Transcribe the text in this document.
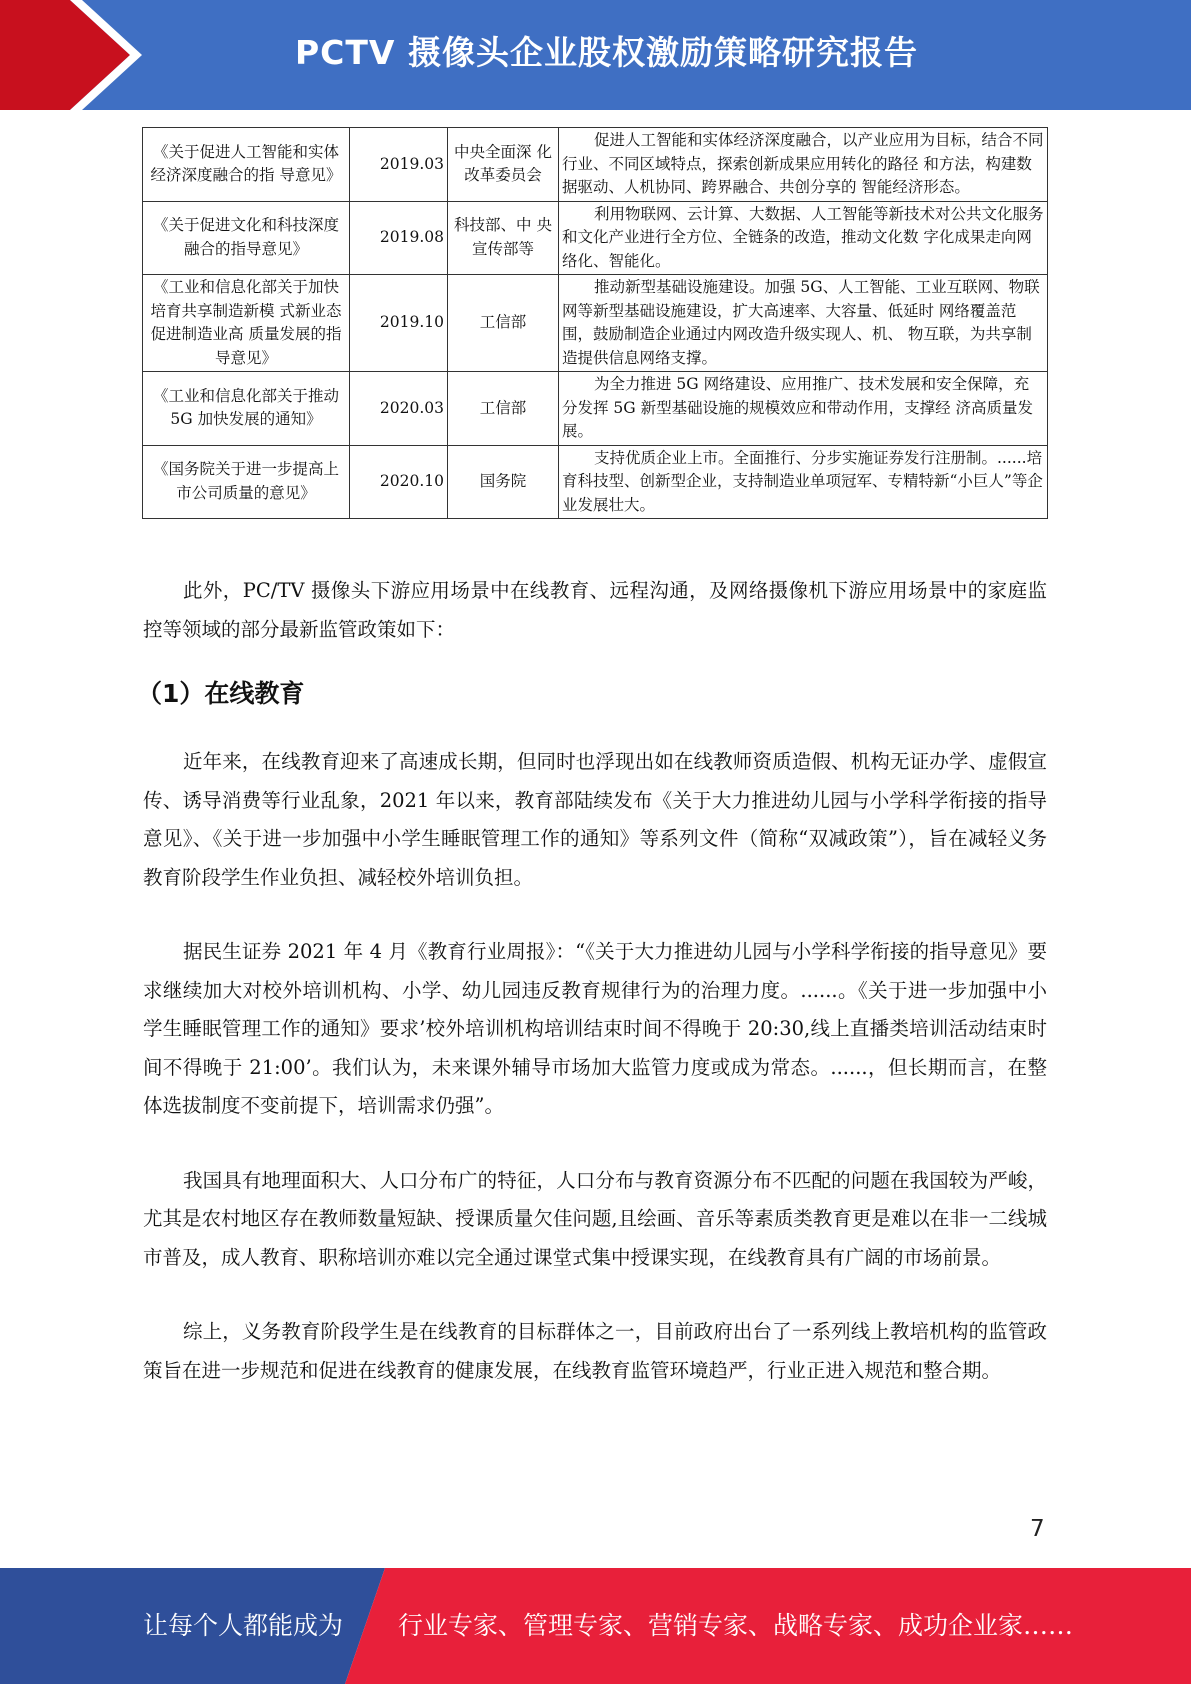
PCTV 摄像头企业股权激励策略研究报告
《关于促进人工智能和实体经济深度融合的指 导意见》	2019.03	中央全面深 化改革委员会	促进人工智能和实体经济深度融合，以产业应用为目标，结合不同行业、不同区域特点，探索创新成果应用转化的路径 和方法，构建数据驱动、人机协同、跨界融合、共创分享的 智能经济形态。
《关于促进文化和科技深度融合的指导意见》	2019.08	科技部、中 央宣传部等	利用物联网、云计算、大数据、人工智能等新技术对公共文化服务和文化产业进行全方位、全链条的改造，推动文化数 字化成果走向网络化、智能化。
《工业和信息化部关于加快培育共享制造新模 式新业态促进制造业高 质量发展的指导意见》	2019.10	工信部	推动新型基础设施建设。加强 5G、人工智能、工业互联网、物联网等新型基础设施建设，扩大高速率、大容量、低延时 网络覆盖范围，鼓励制造企业通过内网改造升级实现人、机、 物互联，为共享制造提供信息网络支撑。
《工业和信息化部关于推动 5G 加快发展的通知》	2020.03	工信部	为全力推进 5G 网络建设、应用推广、技术发展和安全保障，充分发挥 5G 新型基础设施的规模效应和带动作用，支撑经 济高质量发展。
《国务院关于进一步提高上市公司质量的意见》	2020.10	国务院	支持优质企业上市。全面推行、分步实施证券发行注册制。......培育科技型、创新型企业，支持制造业单项冠军、专精特新“小巨人”等企业发展壮大。

此外，PC/TV 摄像头下游应用场景中在线教育、远程沟通，及网络摄像机下游应用场景中的家庭监控等领域的部分最新监管政策如下：

（1）在线教育

近年来，在线教育迎来了高速成长期，但同时也浮现出如在线教师资质造假、机构无证办学、虚假宣传、诱导消费等行业乱象，2021 年以来，教育部陆续发布《关于大力推进幼儿园与小学科学衔接的指导意见》、《关于进一步加强中小学生睡眠管理工作的通知》等系列文件（简称“双减政策”），旨在减轻义务教育阶段学生作业负担、减轻校外培训负担。

据民生证券 2021 年 4 月《教育行业周报》：“《关于大力推进幼儿园与小学科学衔接的指导意见》要求继续加大对校外培训机构、小学、幼儿园违反教育规律行为的治理力度。......。《关于进一步加强中小学生睡眠管理工作的通知》要求’校外培训机构培训结束时间不得晚于 20:30,线上直播类培训活动结束时间不得晚于 21:00’。我们认为，未来课外辅导市场加大监管力度或成为常态。......，但长期而言，在整体选拔制度不变前提下，培训需求仍强”。

我国具有地理面积大、人口分布广的特征，人口分布与教育资源分布不匹配的问题在我国较为严峻，尤其是农村地区存在教师数量短缺、授课质量欠佳问题,且绘画、音乐等素质类教育更是难以在非一二线城市普及，成人教育、职称培训亦难以完全通过课堂式集中授课实现，在线教育具有广阔的市场前景。

综上，义务教育阶段学生是在线教育的目标群体之一，目前政府出台了一系列线上教培机构的监管政策旨在进一步规范和促进在线教育的健康发展，在线教育监管环境趋严，行业正进入规范和整合期。

7
让每个人都能成为 行业专家、管理专家、营销专家、战略专家、成功企业家……
